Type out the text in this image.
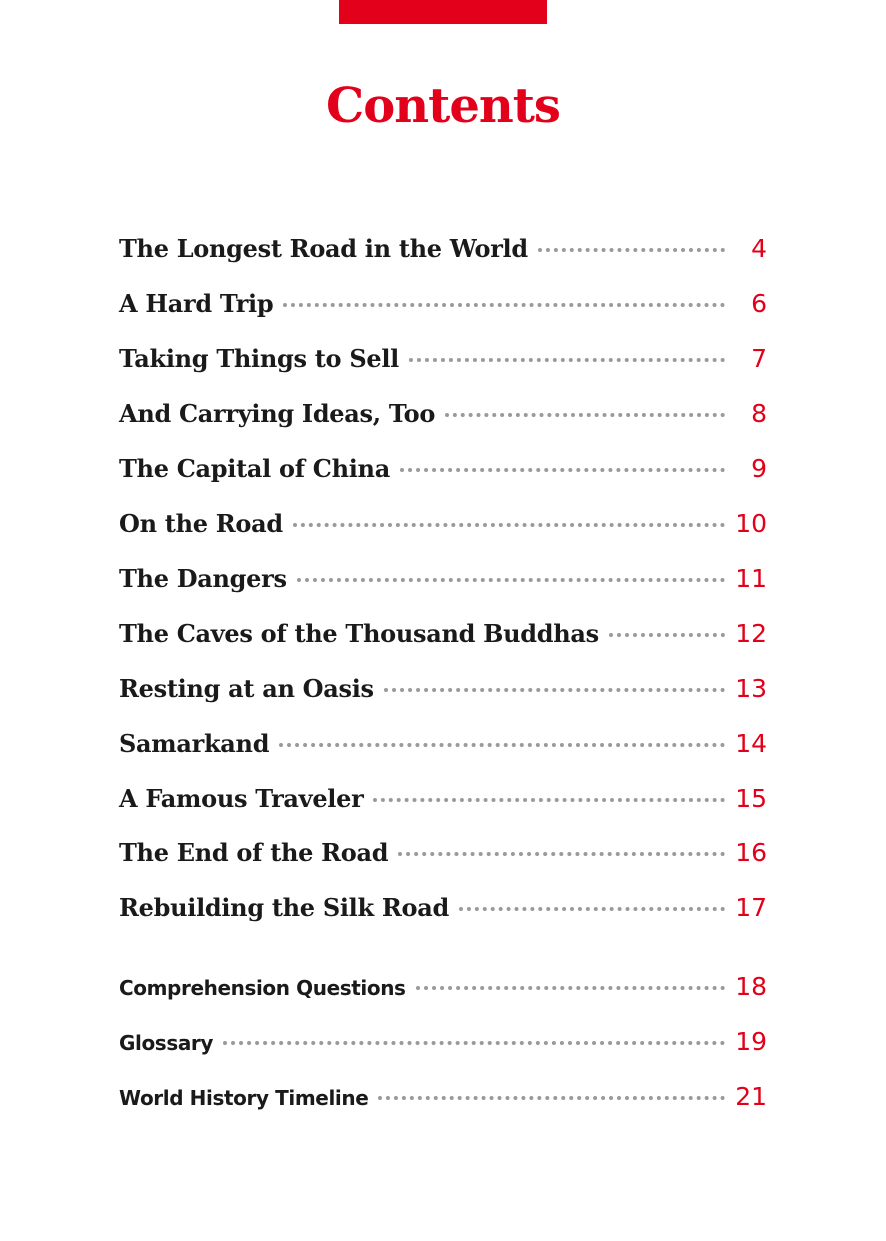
Contents
The Longest Road in the World	4
A Hard Trip	6
Taking Things to Sell	7
And Carrying Ideas, Too	8
The Capital of China	9
On the Road	10
The Dangers	11
The Caves of the Thousand Buddhas	12
Resting at an Oasis	13
Samarkand	14
A Famous Traveler	15
The End of the Road	16
Rebuilding the Silk Road	17
Comprehension Questions	18
Glossary	19
World History Timeline	21
